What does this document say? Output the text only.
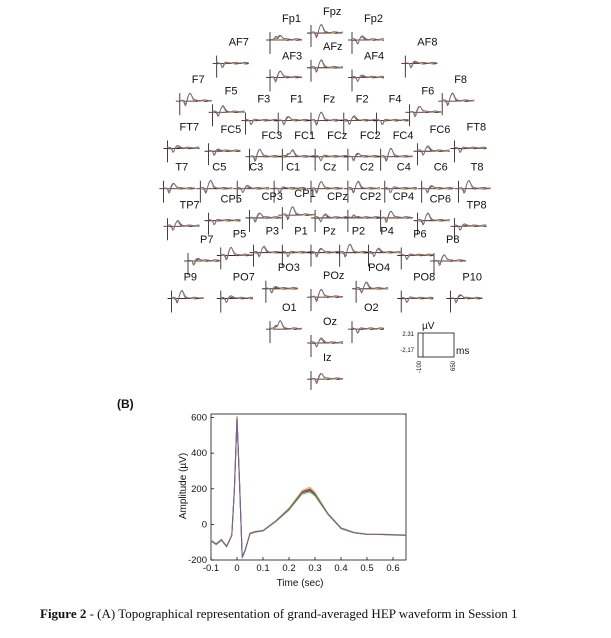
Fp1
Fpz
Fp2
AF7
AF3
AFz
AF4
AF8
F7
F5
F3 F1 Fz F2 F4
F6
F8
FT7 FC5 FC3 FC1 FCz FC2 FC4 FC6 FT8
T7 C5 C3 C1 Cz C2 C4 C6 T8
TP7 CP5 CP3 CP1 CPz CP2 CP4 CP6 TP8
P7 P5 P3 P1 Pz P2 P4 P6 P8
P9	PO7
PO3
POz
PO4
PO8 P10
O1
Oz
O2
Iz
2.31
-2,17
µV
ms
-100	650
(B)
-0.1 0 0.1 0.2 0.3 0.4 0.5 0.6
-200
0
200
400
600
Time (sec)
Amplitude (µV)
Figure 2 - (A) Topographical representation of grand-averaged HEP waveform in Session 1
